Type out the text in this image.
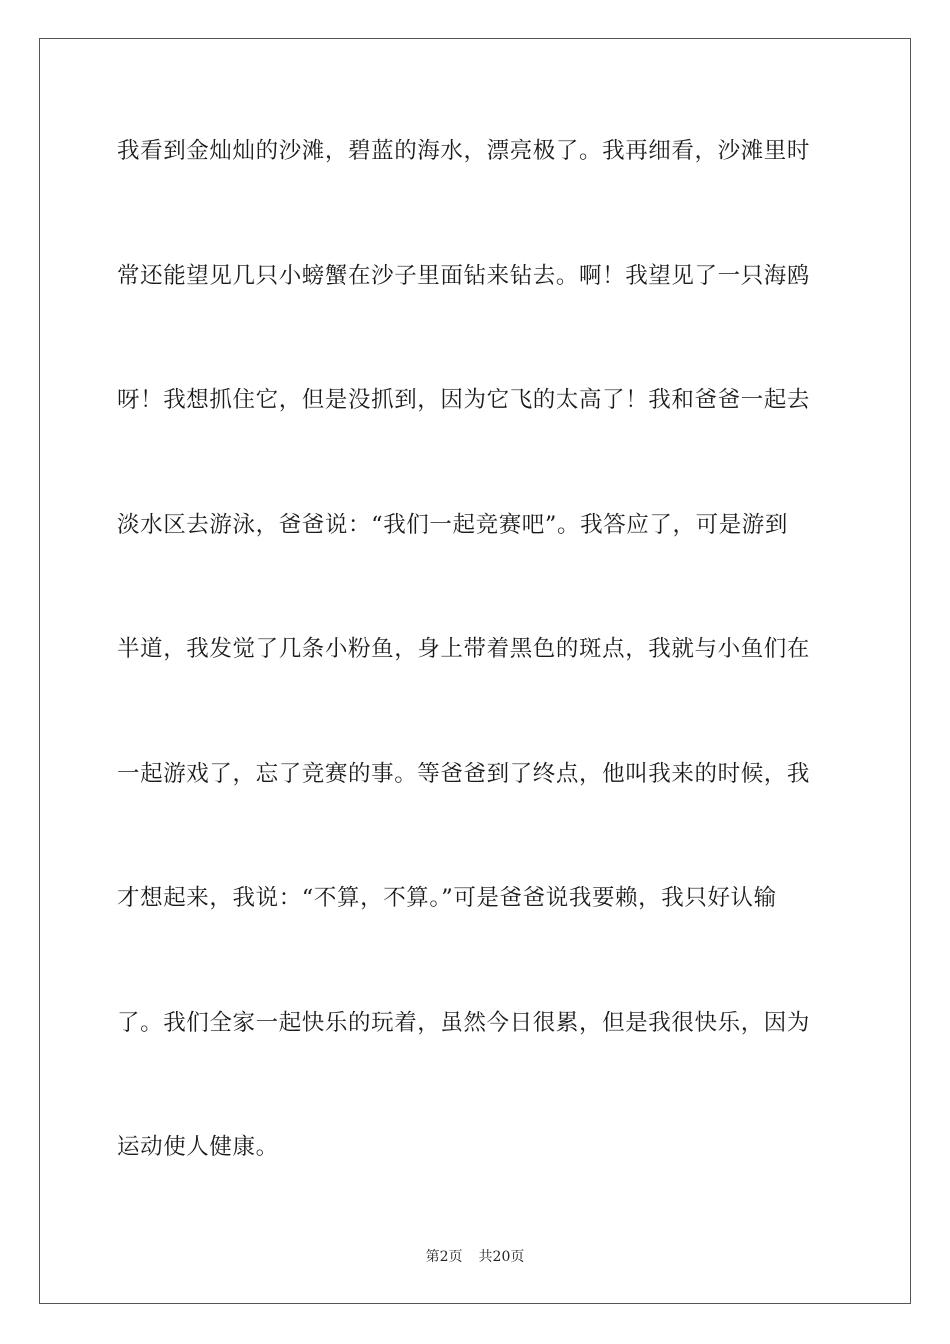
我看到金灿灿的沙滩，碧蓝的海水，漂亮极了。我再细看，沙滩里时
常还能望见几只小螃蟹在沙子里面钻来钻去。啊！我望见了一只海鸥
呀！我想抓住它，但是没抓到，因为它飞的太高了！我和爸爸一起去
淡水区去游泳，爸爸说：“我们一起竞赛吧”。我答应了，可是游到
半道，我发觉了几条小粉鱼，身上带着黑色的斑点，我就与小鱼们在
一起游戏了，忘了竞赛的事。等爸爸到了终点，他叫我来的时候，我
才想起来，我说：“不算，不算。”可是爸爸说我要赖，我只好认输
了。我们全家一起快乐的玩着，虽然今日很累，但是我很快乐，因为
运动使人健康。
第2页 共20页
